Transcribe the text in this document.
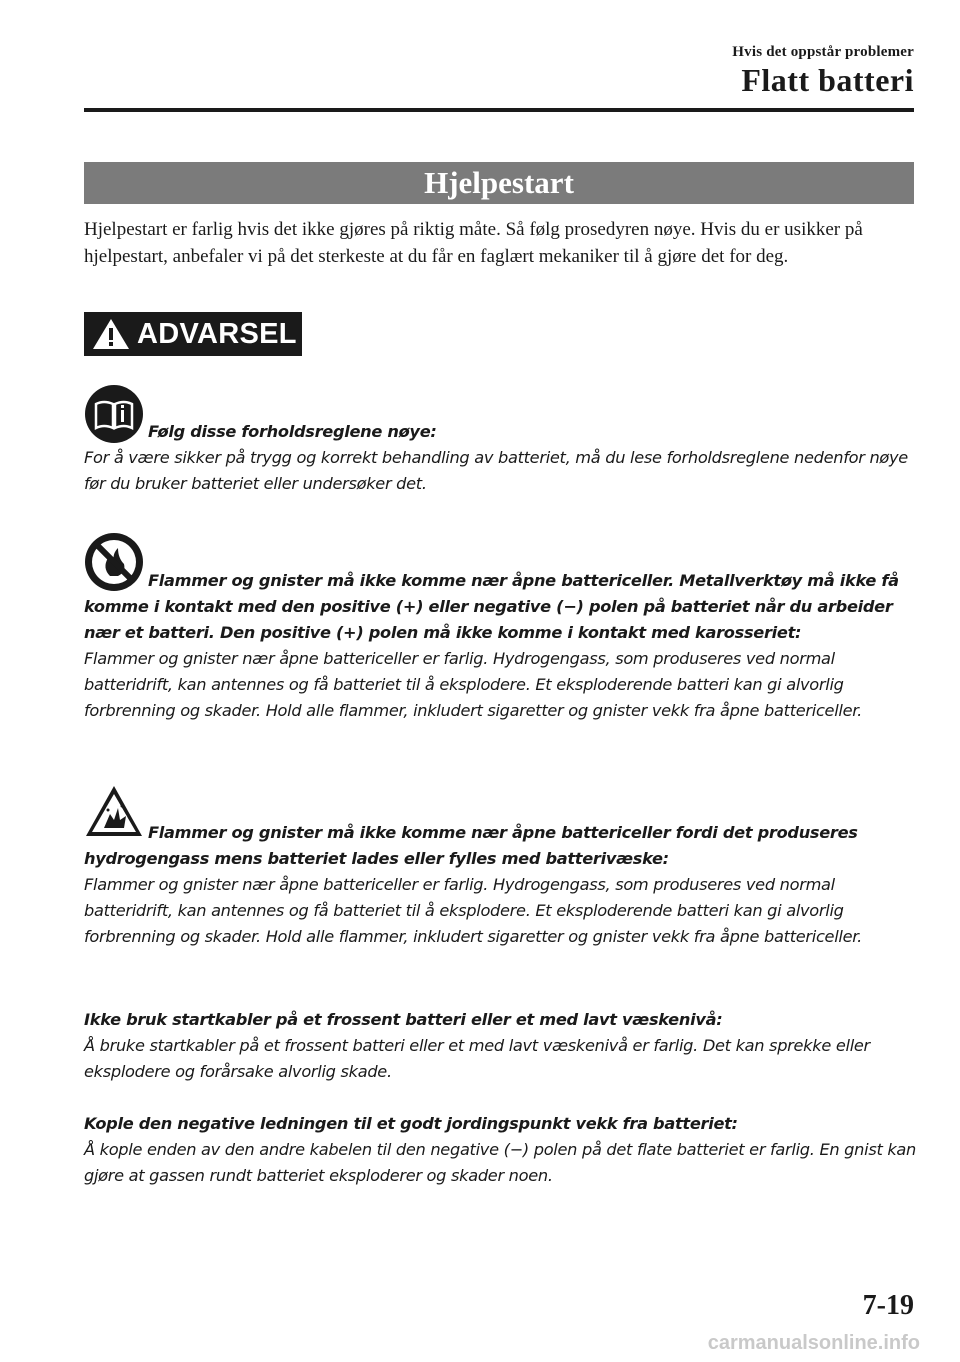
Hvis det oppstår problemer
Flatt batteri
Hjelpestart

Hjelpestart er farlig hvis det ikke gjøres på riktig måte. Så følg prosedyren nøye. Hvis du er usikker på hjelpestart, anbefaler vi på det sterkeste at du får en faglært mekaniker til å gjøre det for deg.

ADVARSEL

Følg disse forholdsreglene nøye:

For å være sikker på trygg og korrekt behandling av batteriet, må du lese forholdsreglene nedenfor nøye før du bruker batteriet eller undersøker det.

Flammer og gnister må ikke komme nær åpne battericeller. Metallverktøy må ikke få komme i kontakt med den positive (+) eller negative (−) polen på batteriet når du arbeider nær et batteri. Den positive (+) polen må ikke komme i kontakt med karosseriet:

Flammer og gnister nær åpne battericeller er farlig. Hydrogengass, som produseres ved normal batteridrift, kan antennes og få batteriet til å eksplodere. Et eksploderende batteri kan gi alvorlig forbrenning og skader. Hold alle flammer, inkludert sigaretter og gnister vekk fra åpne battericeller.

Flammer og gnister må ikke komme nær åpne battericeller fordi det produseres hydrogengass mens batteriet lades eller fylles med batterivæske:

Flammer og gnister nær åpne battericeller er farlig. Hydrogengass, som produseres ved normal batteridrift, kan antennes og få batteriet til å eksplodere. Et eksploderende batteri kan gi alvorlig forbrenning og skader. Hold alle flammer, inkludert sigaretter og gnister vekk fra åpne battericeller.

Ikke bruk startkabler på et frossent batteri eller et med lavt væskenivå:

Å bruke startkabler på et frossent batteri eller et med lavt væskenivå er farlig. Det kan sprekke eller eksplodere og forårsake alvorlig skade.

Kople den negative ledningen til et godt jordingspunkt vekk fra batteriet:

Å kople enden av den andre kabelen til den negative (−) polen på det flate batteriet er farlig. En gnist kan gjøre at gassen rundt batteriet eksploderer og skader noen.

7-19
carmanualsonline.info
